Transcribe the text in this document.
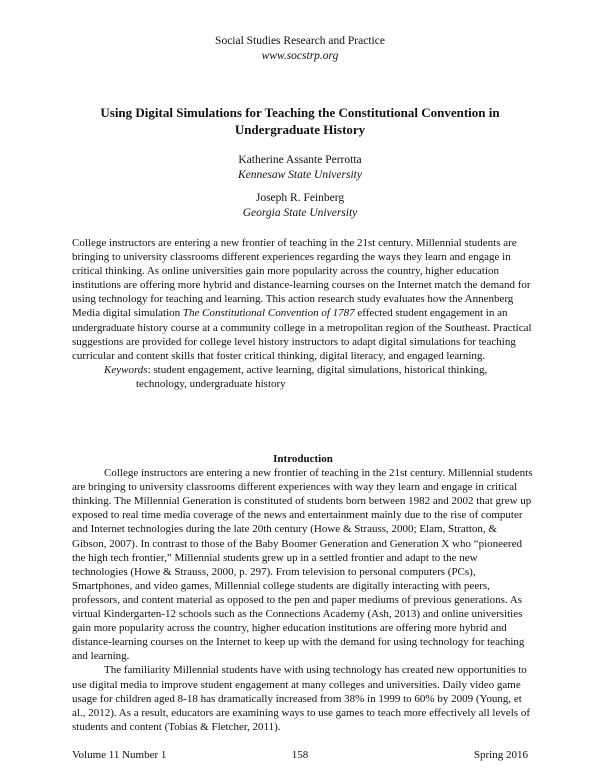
Social Studies Research and Practice
www.socstrp.org
Using Digital Simulations for Teaching the Constitutional Convention in Undergraduate History
Katherine Assante Perrotta
Kennesaw State University
Joseph R. Feinberg
Georgia State University

College instructors are entering a new frontier of teaching in the 21st century. Millennial students are bringing to university classrooms different experiences regarding the ways they learn and engage in critical thinking. As online universities gain more popularity across the country, higher education institutions are offering more hybrid and distance-learning courses on the Internet match the demand for using technology for teaching and learning. This action research study evaluates how the Annenberg Media digital simulation The Constitutional Convention of 1787 effected student engagement in an undergraduate history course at a community college in a metropolitan region of the Southeast. Practical suggestions are provided for college level history instructors to adapt digital simulations for teaching curricular and content skills that foster critical thinking, digital literacy, and engaged learning.

Keywords: student engagement, active learning, digital simulations, historical thinking,
technology, undergraduate history

Introduction

College instructors are entering a new frontier of teaching in the 21st century. Millennial students are bringing to university classrooms different experiences with way they learn and engage in critical thinking. The Millennial Generation is constituted of students born between 1982 and 2002 that grew up exposed to real time media coverage of the news and entertainment mainly due to the rise of computer and Internet technologies during the late 20th century (Howe & Strauss, 2000; Elam, Stratton, & Gibson, 2007). In contrast to those of the Baby Boomer Generation and Generation X who “pioneered the high tech frontier,” Millennial students grew up in a settled frontier and adapt to the new technologies (Howe & Strauss, 2000, p. 297). From television to personal computers (PCs), Smartphones, and video games, Millennial college students are digitally interacting with peers, professors, and content material as opposed to the pen and paper mediums of previous generations. As virtual Kindergarten-12 schools such as the Connections Academy (Ash, 2013) and online universities gain more popularity across the country, higher education institutions are offering more hybrid and distance-learning courses on the Internet to keep up with the demand for using technology for teaching and learning.

The familiarity Millennial students have with using technology has created new opportunities to use digital media to improve student engagement at many colleges and universities. Daily video game usage for children aged 8-18 has dramatically increased from 38% in 1999 to 60% by 2009 (Young, et al., 2012). As a result, educators are examining ways to use games to teach more effectively all levels of students and content (Tobias & Fletcher, 2011).

Volume 11 Number 1	158	Spring 2016
